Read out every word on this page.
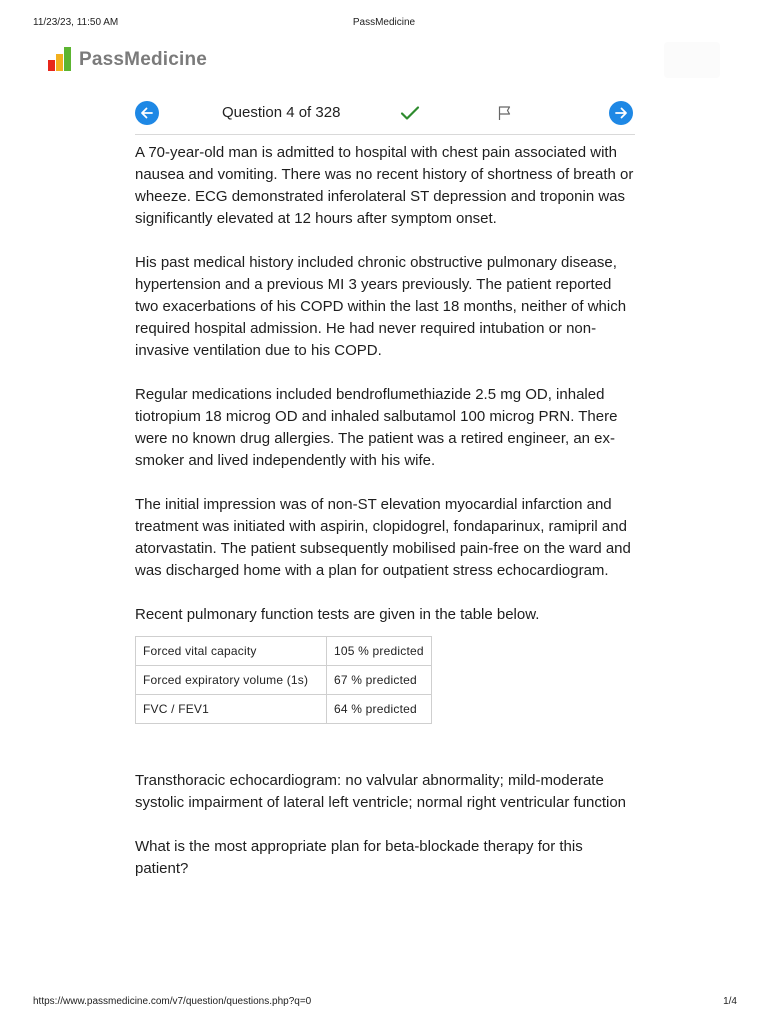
11/23/23, 11:50 AM	PassMedicine
PassMedicine
Question 4 of 328

A 70-year-old man is admitted to hospital with chest pain associated with nausea and vomiting. There was no recent history of shortness of breath or wheeze. ECG demonstrated inferolateral ST depression and troponin was significantly elevated at 12 hours after symptom onset.

His past medical history included chronic obstructive pulmonary disease, hypertension and a previous MI 3 years previously. The patient reported two exacerbations of his COPD within the last 18 months, neither of which required hospital admission. He had never required intubation or non-invasive ventilation due to his COPD.

Regular medications included bendroflumethiazide 2.5 mg OD, inhaled tiotropium 18 microg OD and inhaled salbutamol 100 microg PRN. There were no known drug allergies. The patient was a retired engineer, an ex-smoker and lived independently with his wife.

The initial impression was of non-ST elevation myocardial infarction and treatment was initiated with aspirin, clopidogrel, fondaparinux, ramipril and atorvastatin. The patient subsequently mobilised pain-free on the ward and was discharged home with a plan for outpatient stress echocardiogram.

Recent pulmonary function tests are given in the table below.

Forced vital capacity	105 % predicted
Forced expiratory volume (1s)	67 % predicted
FVC / FEV1	64 % predicted

Transthoracic echocardiogram: no valvular abnormality; mild-moderate systolic impairment of lateral left ventricle; normal right ventricular function

What is the most appropriate plan for beta-blockade therapy for this patient?

https://www.passmedicine.com/v7/question/questions.php?q=0	1/4
